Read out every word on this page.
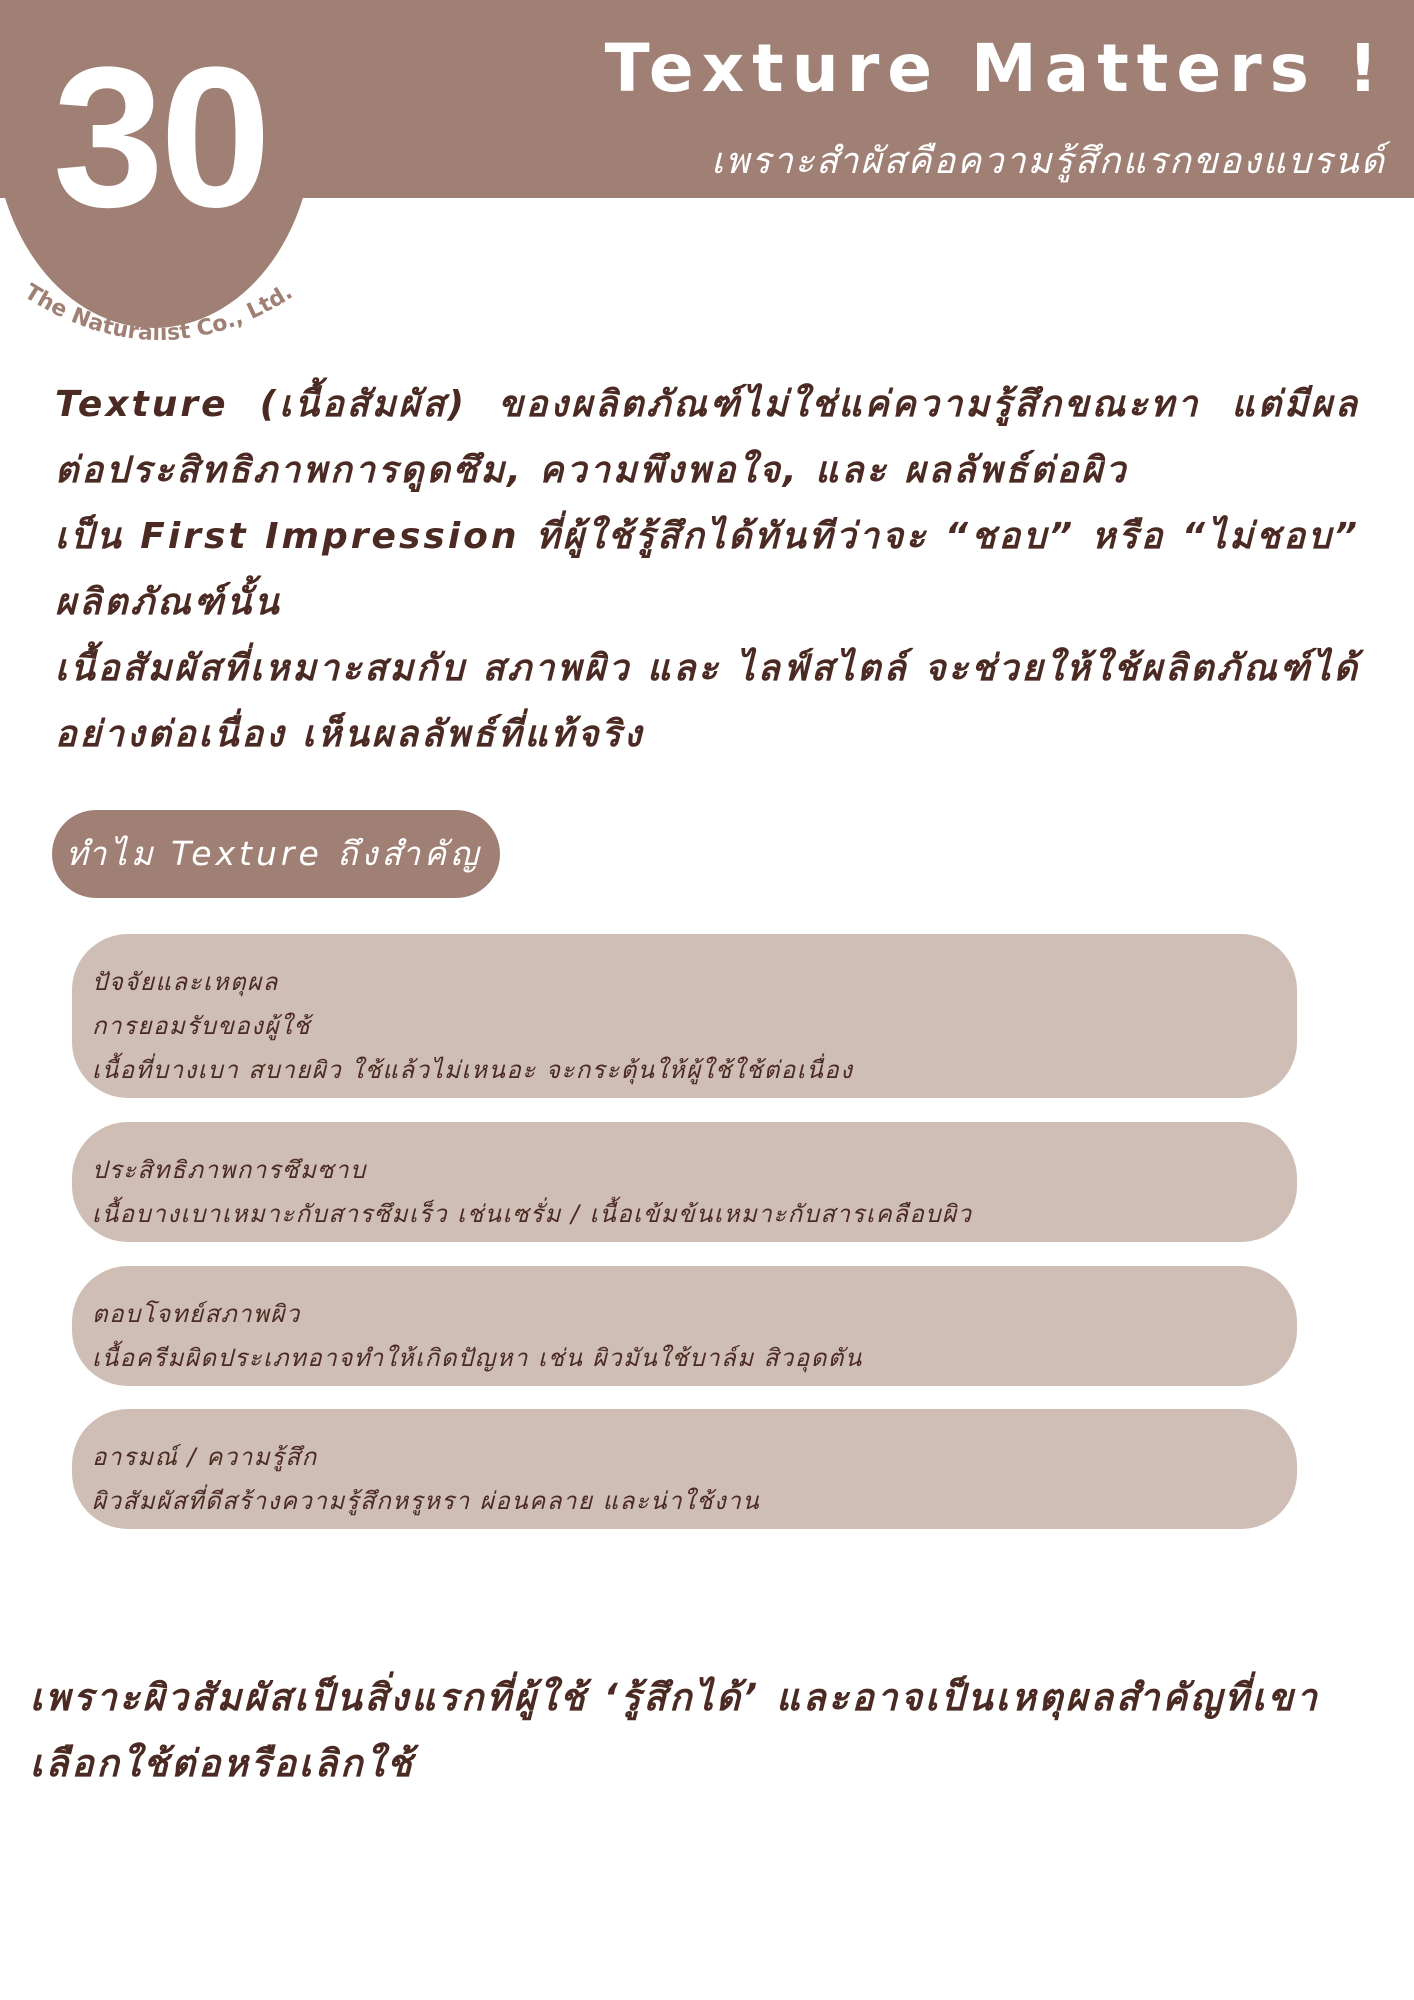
30
The Naturalist Co., Ltd.
Texture Matters !
เพราะสำผัสคือความรู้สึกแรกของแบรนด์

Texture (เนื้อสัมผัส) ของผลิตภัณฑ์ไม่ใช่แค่ความรู้สึกขณะทา แต่มีผลต่อประสิทธิภาพการดูดซึม, ความพึงพอใจ, และ ผลลัพธ์ต่อผิว

เป็น First Impression ที่ผู้ใช้รู้สึกได้ทันทีว่าจะ “ชอบ” หรือ “ไม่ชอบ” ผลิตภัณฑ์นั้น

เนื้อสัมผัสที่เหมาะสมกับ สภาพผิว และ ไลฟ์สไตล์ จะช่วยให้ใช้ผลิตภัณฑ์ได้อย่างต่อเนื่อง เห็นผลลัพธ์ที่แท้จริง

ทำไม Texture ถึงสำคัญ
ปัจจัยและเหตุผล
การยอมรับของผู้ใช้
เนื้อที่บางเบา สบายผิว ใช้แล้วไม่เหนอะ จะกระตุ้นให้ผู้ใช้ใช้ต่อเนื่อง
ประสิทธิภาพการซึมซาบ
เนื้อบางเบาเหมาะกับสารซึมเร็ว เช่นเซรั่ม / เนื้อเข้มข้นเหมาะกับสารเคลือบผิว
ตอบโจทย์สภาพผิว
เนื้อครีมผิดประเภทอาจทำให้เกิดปัญหา เช่น ผิวมันใช้บาล์ม สิวอุดตัน
อารมณ์ / ความรู้สึก
ผิวสัมผัสที่ดีสร้างความรู้สึกหรูหรา ผ่อนคลาย และน่าใช้งาน

เพราะผิวสัมผัสเป็นสิ่งแรกที่ผู้ใช้ ‘รู้สึกได้’ และอาจเป็นเหตุผลสำคัญที่เขาเลือกใช้ต่อหรือเลิกใช้
